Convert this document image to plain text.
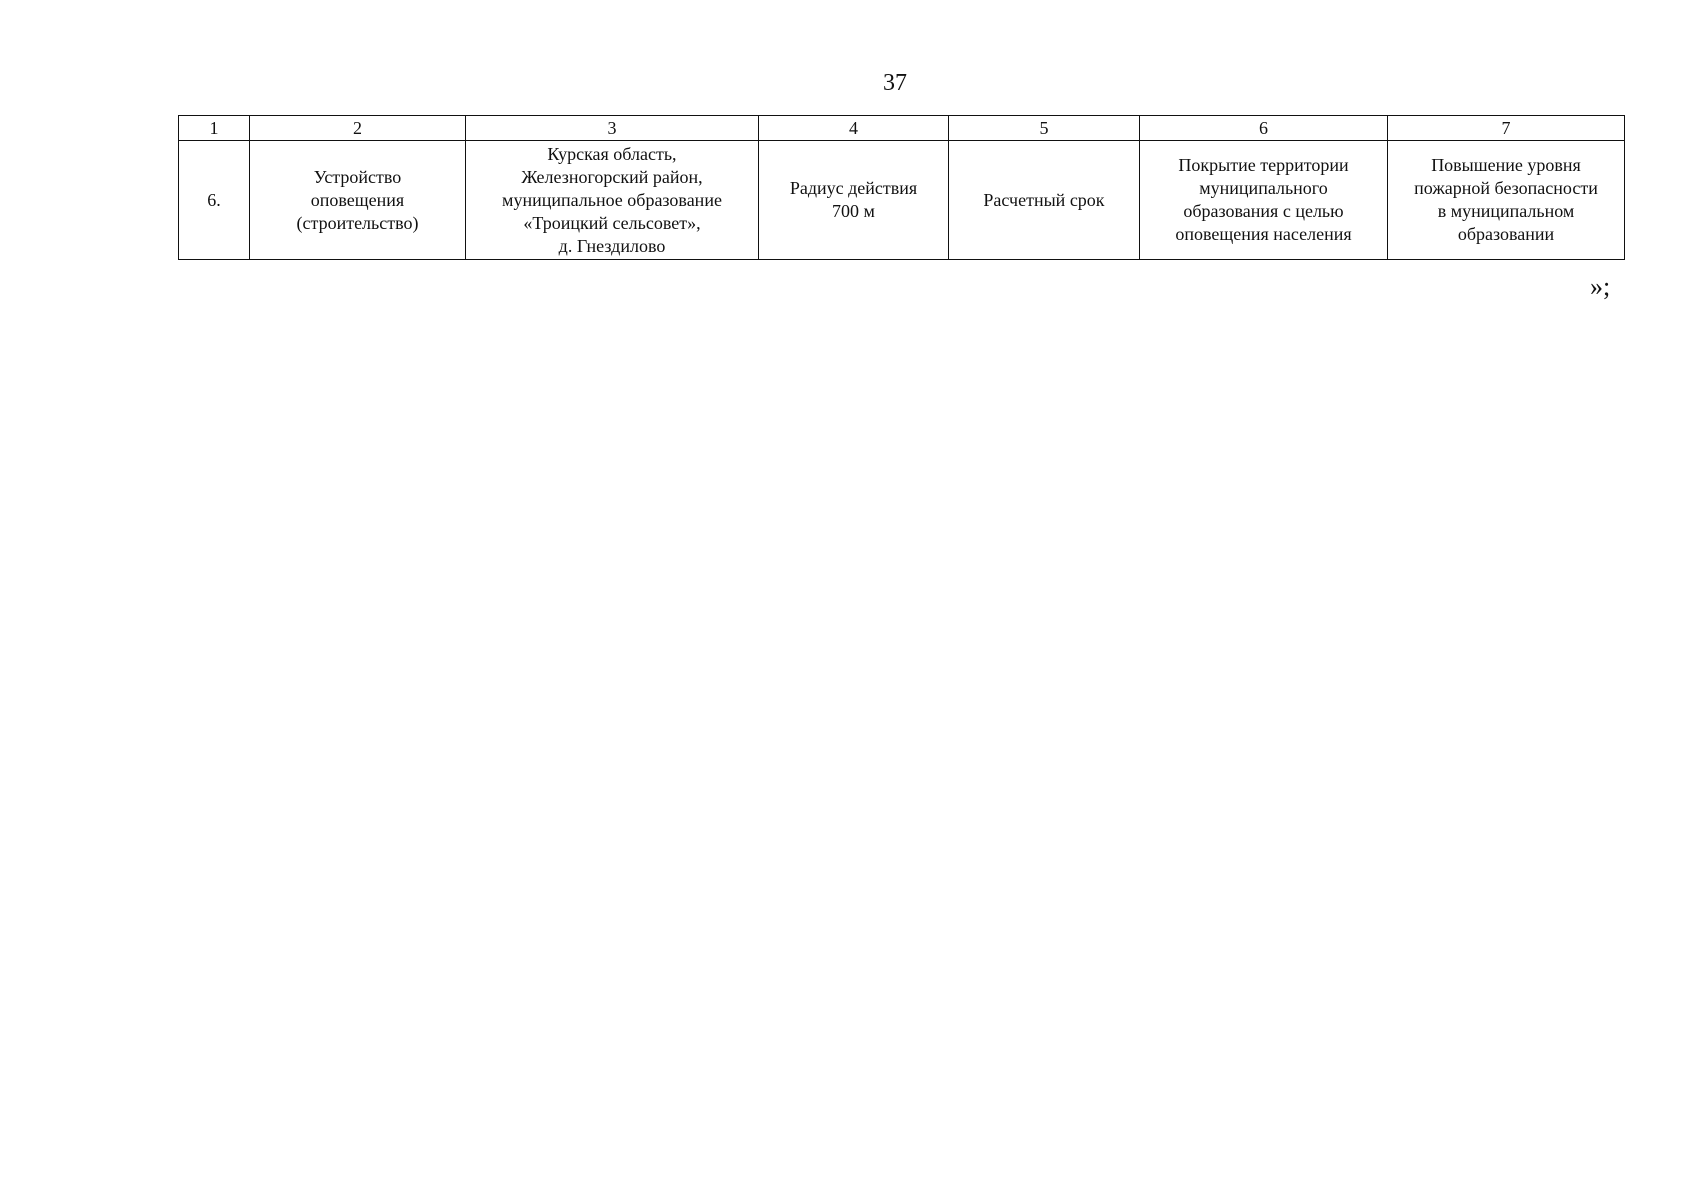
37
1	2	3	4	5	6	7
6.	Устройство
оповещения
(строительство)	Курская область,
Железногорский район,
муниципальное образование
«Троицкий сельсовет»,
д. Гнездилово	Радиус действия
700 м	Расчетный срок	Покрытие территории
муниципального
образования с целью
оповещения населения	Повышение уровня
пожарной безопасности
в муниципальном
образовании
»;
